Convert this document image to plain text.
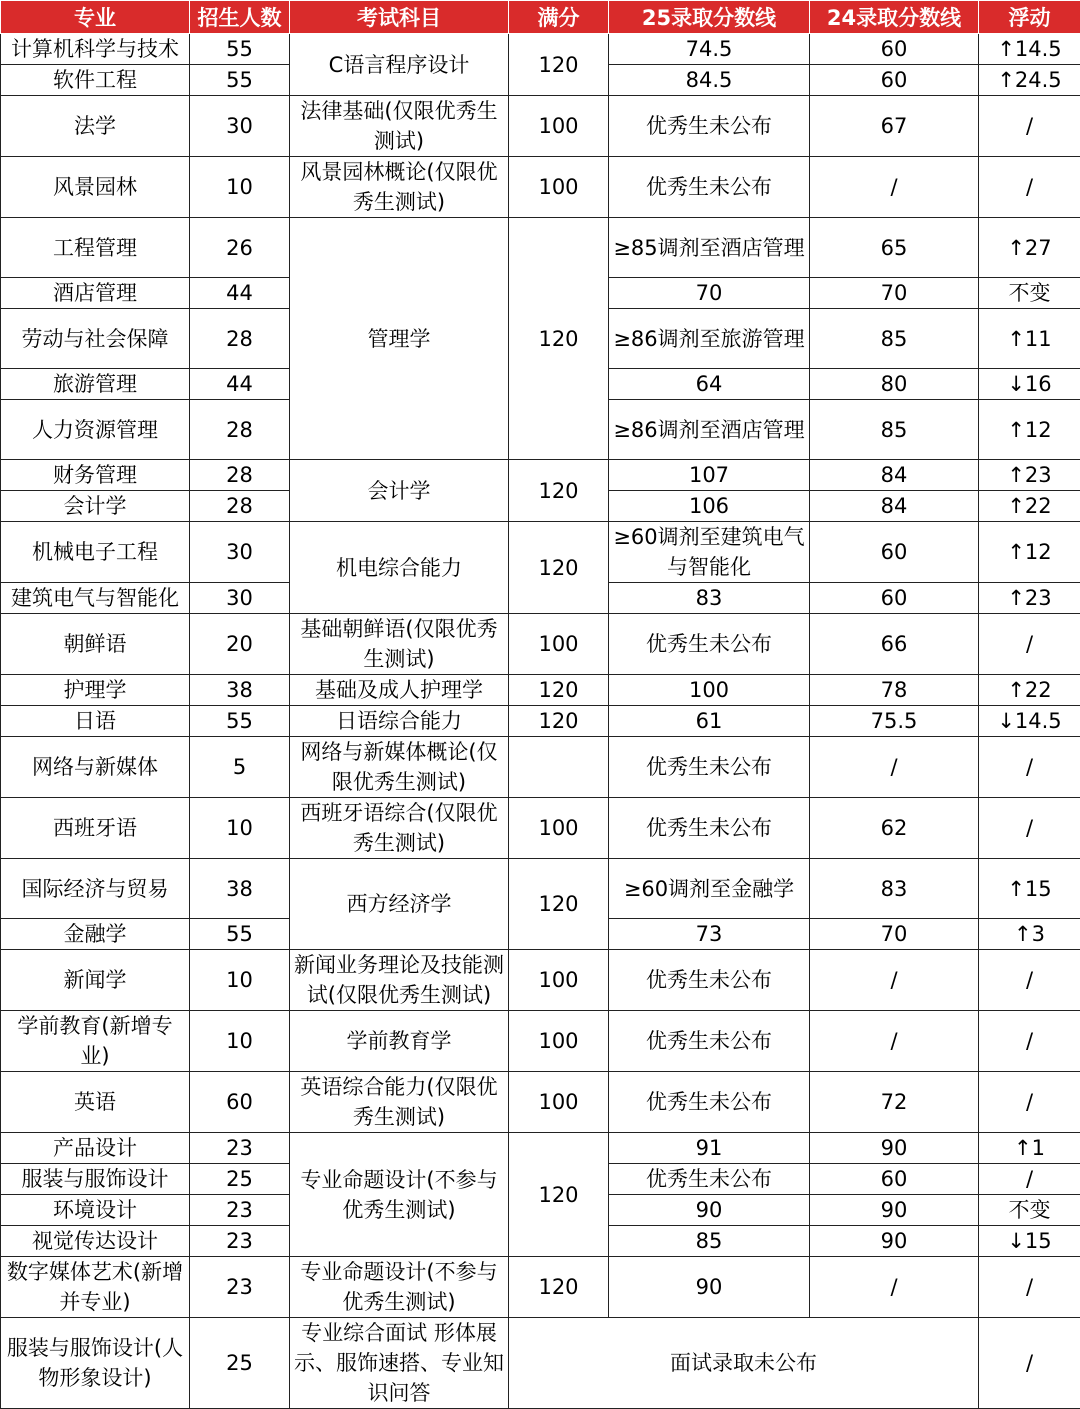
专业	招生人数	考试科目	满分	25录取分数线	24录取分数线	浮动
计算机科学与技术	55	C语言程序设计	120	74.5	60	↑14.5
软件工程	55			84.5	60	↑24.5
法学	30	法律基础(仅限优秀生测试)	100	优秀生未公布	67	/
风景园林	10	风景园林概论(仅限优秀生测试)	100	优秀生未公布	/	/
工程管理	26	管理学	120	≥85调剂至酒店管理	65	↑27
酒店管理	44			70	70	不变
劳动与社会保障	28			≥86调剂至旅游管理	85	↑11
旅游管理	44			64	80	↓16
人力资源管理	28			≥86调剂至酒店管理	85	↑12
财务管理	28	会计学	120	107	84	↑23
会计学	28			106	84	↑22
机械电子工程	30	机电综合能力	120	≥60调剂至建筑电气与智能化	60	↑12
建筑电气与智能化	30			83	60	↑23
朝鲜语	20	基础朝鲜语(仅限优秀生测试)	100	优秀生未公布	66	/
护理学	38	基础及成人护理学	120	100	78	↑22
日语	55	日语综合能力	120	61	75.5	↓14.5
网络与新媒体	5	网络与新媒体概论(仅限优秀生测试)		优秀生未公布	/	/
西班牙语	10	西班牙语综合(仅限优秀生测试)	100	优秀生未公布	62	/
国际经济与贸易	38	西方经济学	120	≥60调剂至金融学	83	↑15
金融学	55			73	70	↑3
新闻学	10	新闻业务理论及技能测试(仅限优秀生测试)	100	优秀生未公布	/	/
学前教育(新增专业)	10	学前教育学	100	优秀生未公布	/	/
英语	60	英语综合能力(仅限优秀生测试)	100	优秀生未公布	72	/
产品设计	23	专业命题设计(不参与优秀生测试)	120	91	90	↑1
服装与服饰设计	25			优秀生未公布	60	/
环境设计	23			90	90	不变
视觉传达设计	23			85	90	↓15
数字媒体艺术(新增并专业)	23	专业命题设计(不参与优秀生测试)	120	90	/	/
服装与服饰设计(人物形象设计)	25	专业综合面试 形体展示、服饰速搭、专业知识问答	面试录取未公布			/
